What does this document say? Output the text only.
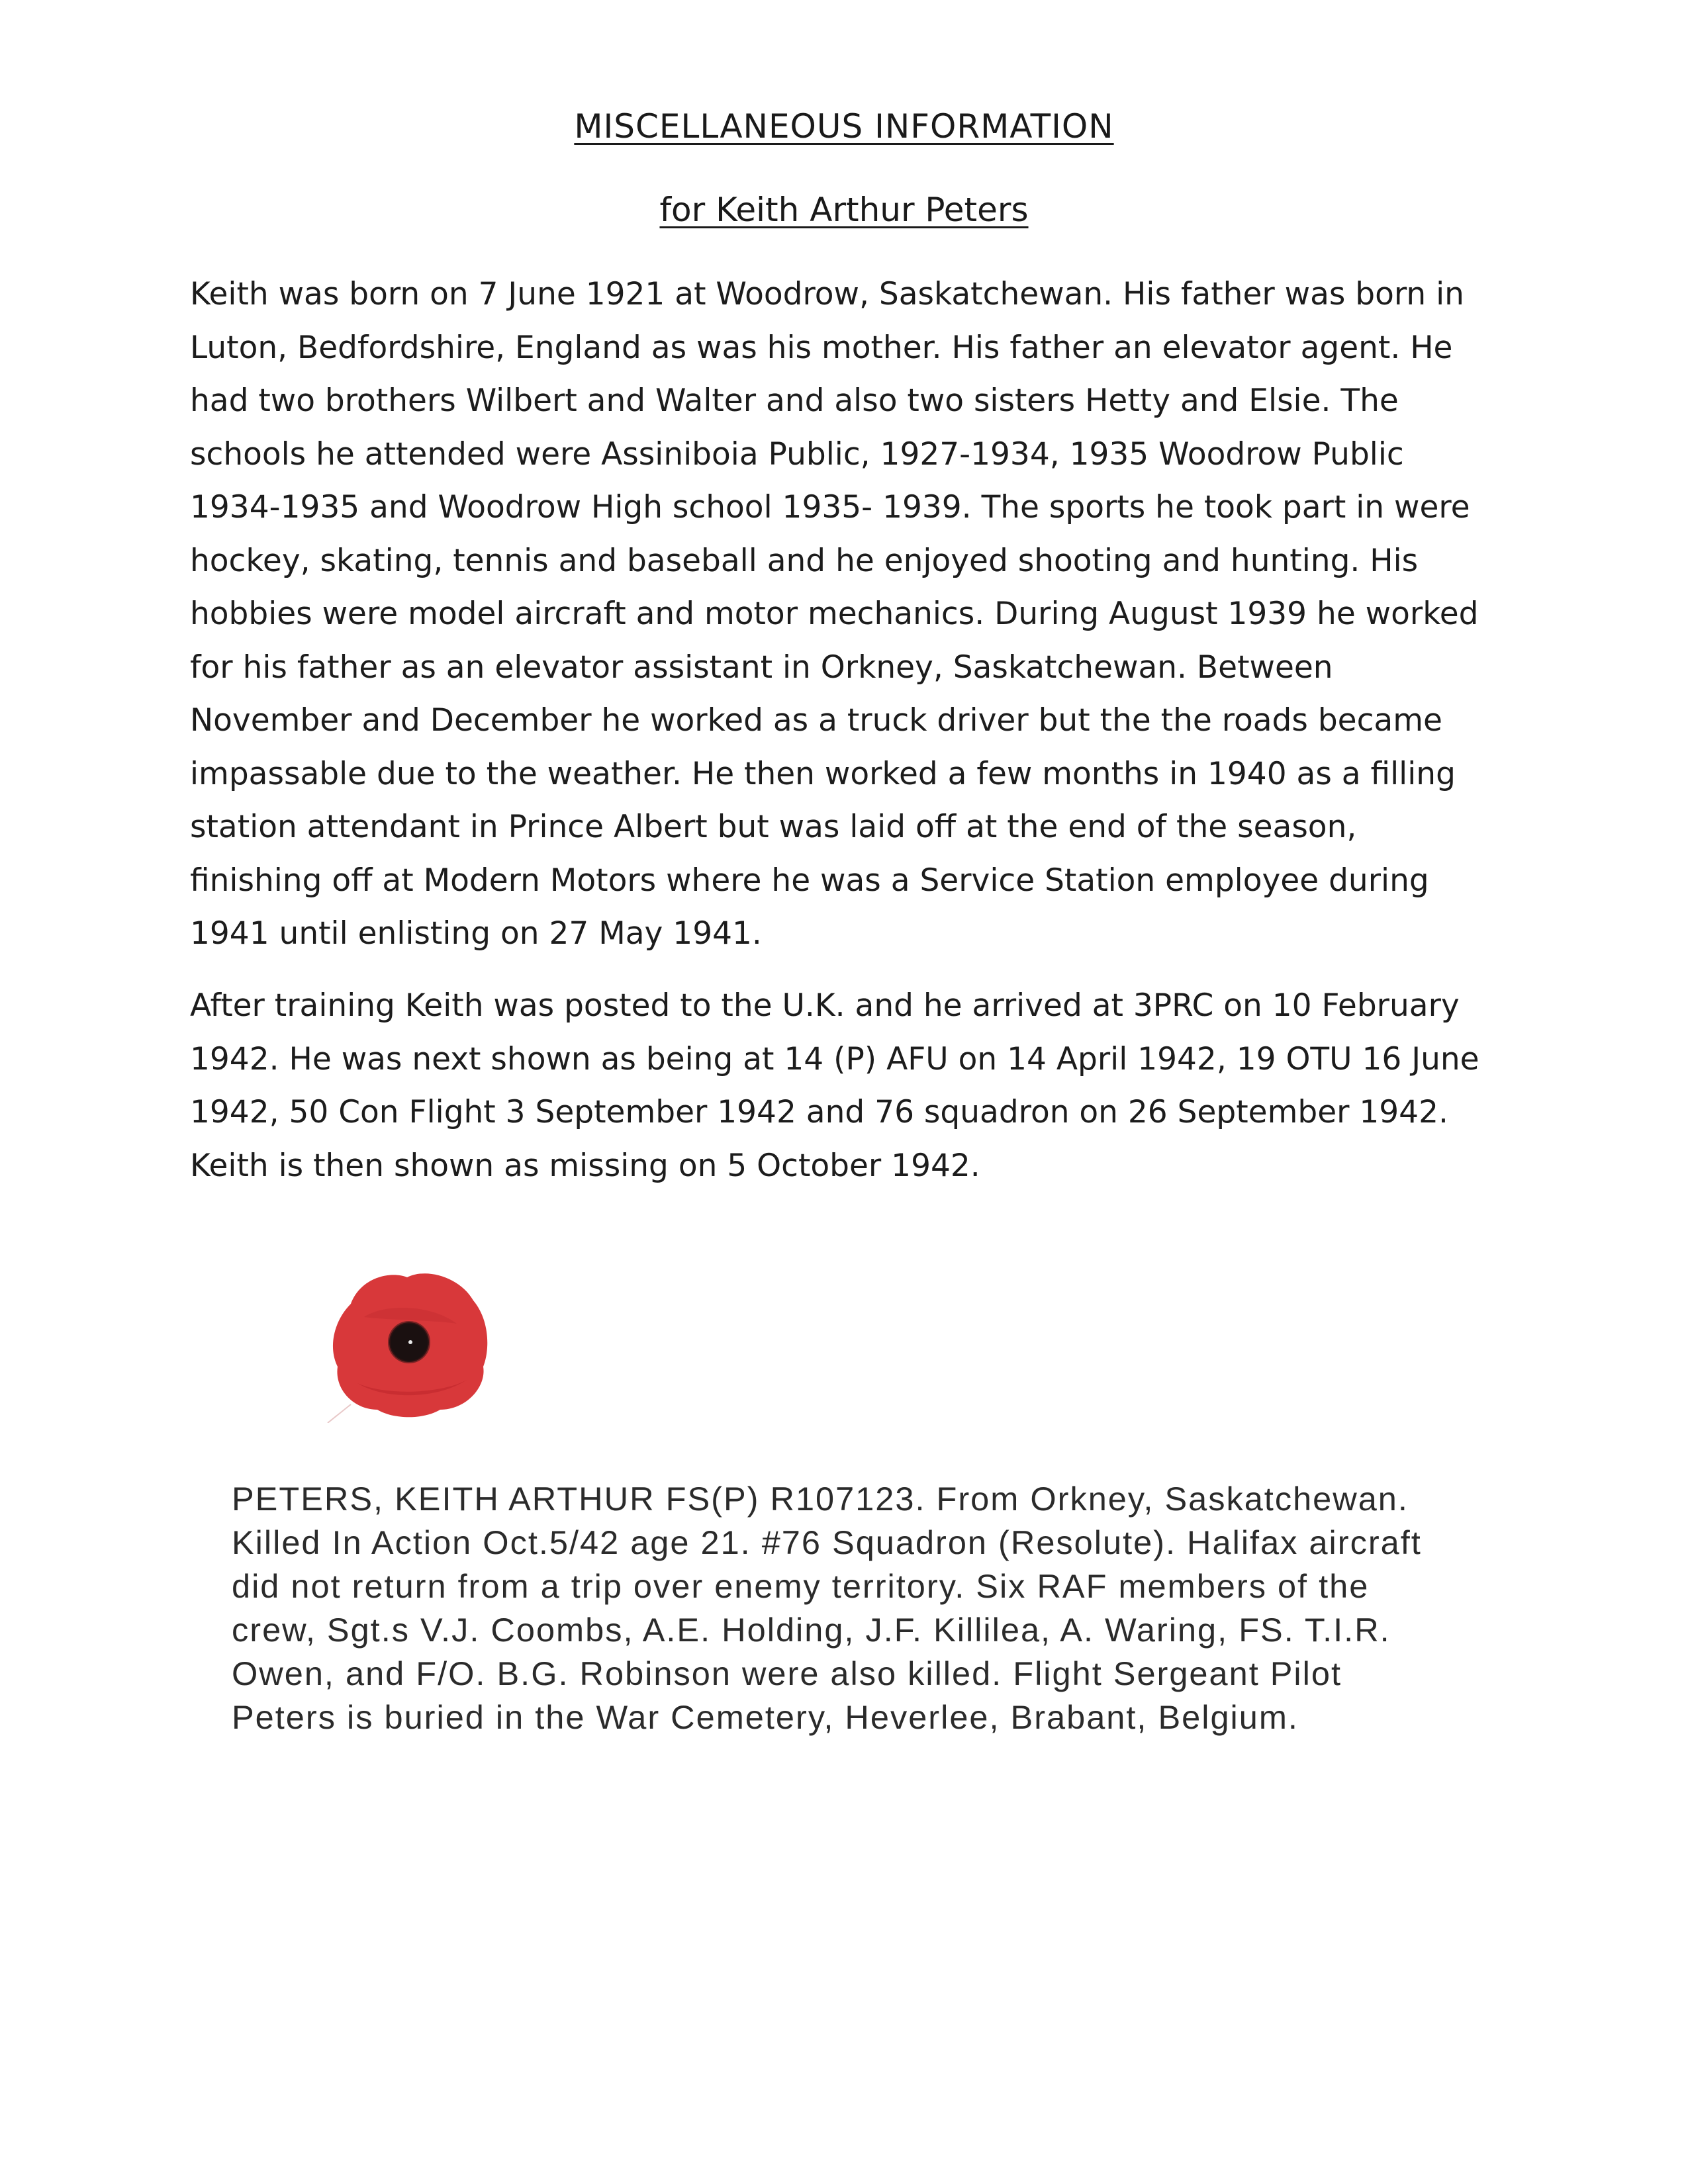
MISCELLANEOUS INFORMATION
for Keith Arthur Peters

Keith was born on 7 June 1921 at Woodrow, Saskatchewan. His father was born in Luton, Bedfordshire, England as was his mother. His father an elevator agent. He had two brothers Wilbert and Walter and also two sisters Hetty and Elsie. The schools he attended were Assiniboia Public, 1927-1934, 1935 Woodrow Public 1934-1935 and Woodrow High school 1935- 1939. The sports he took part in were hockey, skating, tennis and baseball and he enjoyed shooting and hunting. His hobbies were model aircraft and motor mechanics. During August 1939 he worked for his father as an elevator assistant in Orkney, Saskatchewan. Between November and December he worked as a truck driver but the the roads became impassable due to the weather. He then worked a few months in 1940 as a filling station attendant in Prince Albert but was laid off at the end of the season, finishing off at Modern Motors where he was a Service Station employee during 1941 until enlisting on 27 May 1941.

After training Keith was posted to the U.K. and he arrived at 3PRC on 10 February 1942. He was next shown as being at 14 (P) AFU on 14 April 1942, 19 OTU 16 June 1942, 50 Con Flight 3 September 1942 and 76 squadron on 26 September 1942. Keith is then shown as missing on 5 October 1942.

PETERS, KEITH ARTHUR FS(P) R107123. From Orkney, Saskatchewan. Killed In Action Oct.5/42 age 21. #76 Squadron (Resolute). Halifax aircraft did not return from a trip over enemy territory. Six RAF members of the crew, Sgt.s V.J. Coombs, A.E. Holding, J.F. Killilea, A. Waring, FS. T.I.R. Owen, and F/O. B.G. Robinson were also killed. Flight Sergeant Pilot Peters is buried in the War Cemetery, Heverlee, Brabant, Belgium.
